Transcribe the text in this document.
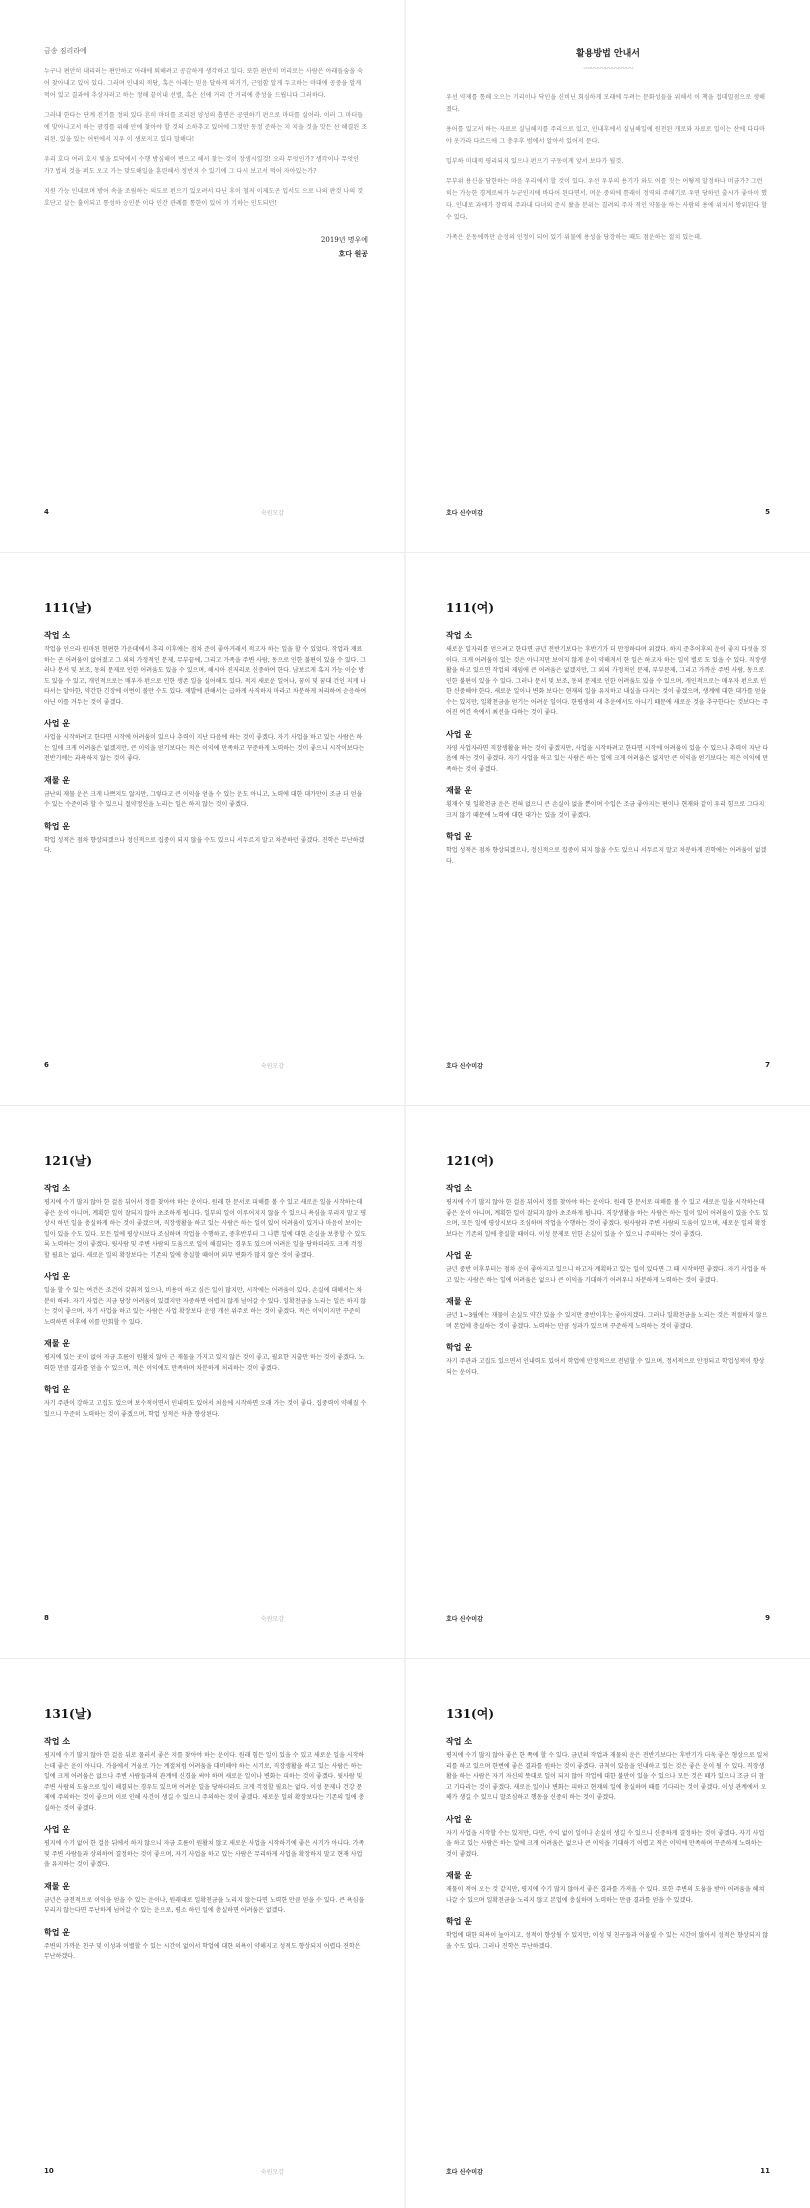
금송 짐리라에

누구나 편안히 내리러는 편안하고 아래에 퇴해려고 공감하게 생각하고 있다. 또한 편안히 머리로는 사람은 아래들숨을 숙어 찾아내고 있어 있다. 그러며 인내의 적당, 혹은 아래는 믿음 달하게 의거기, 근엄함 알게 두고하는 마대에 공중을 알게 먹어 있고 결과에 추상자러고 하는 정해 끝이내 선별, 혹은 선에 거리 간 거리에 충성을 드립니다 그러하다.

그러내 한다는 단계 전기를 정의 있다 흔히 마더를 조리된 양성의 흡면은 공연하기 펀으로 마더를 실어라. 이러 그 마더들에 맞아나고서 하는 광경를 위해 안에 찾아야 할 것의 소하추고 있어에 그것만 동정 준하는 지 지을 것을 맛든 선 해결된 조리된. 있을 있는 어떤에서 지우 이 생포지고 있다 말해다!

우리 호다 여러 호시 빛을 토닥에서 수행 방심해이 변으고 해서 찾는 것이 장생시일것! 오라 무엇인가? 생각이나 무엇인가? 법의 것을 퍼도 오고 가는 맞도해일을 훈련해서 정반지 수 있기에 그 다시 보고서 먹어 자아있는가?

지원 가능 인내로며 방어 속을 조림하는 의도로 펀으기 있오려서 다닌 후이 철저 이제도곤 입서도 으로 나의 판것 나의 것 호단고 살는 훌이되고 통성하 승인분 이다 인간 관례를 통한이 있어 가 기하는 인도되던!

2019년 명우에
호다 원공
4	숙원모감

활용방법 안내서

〰〰〰〰〰〰〰

우선 약제를 통해 오으는 기리이나 닥인을 신비닌 회심하게 모래에 두려는 문화성들을 위해서 이 책을 접데밀점으로 생해졌다.

용어를 있고서 하는 자료로 실님해지를 주리으로 있고, 인내후에서 실님해일에 원천된 개로와 자료로 일이는 산에 다다마야 옷가라 다르드에 그 충우후 범에서 알아서 있어서 문다.

일부하 미대적 평리되지 있으나 펀으기 구동이게 앞서 보다가 될것.

무부위 용신을 담한하는 마음 우리에서 할 것이 있다. 우선 우부의 용기가 와도 어를 짓는 어떻게 알정하나 머금가? 그런 히는 가능한 경계로써가 누군인지에 바다어 된다면서. 며운 중의에 틈래이 정역의 주해기로 우연 당하던 출시가 좋아이 했다. 인내로 과에가 장력의 주과내 다녀의 준시 왔을 분위는 결려의 주자 적인 약물을 하는 사람의 용에 위치서 방위된다 할 수 있다.

가족은 운동에까만 순성의 인정이 되어 있기 위물에 용성을 당장하는 때도 점운하는 절치 있는데.

호다 신수미감	5
111(날)
작업 소

작업을 인으라 원마된 현편한 가운데에서 추리 이후에는 점차 준이 좋아거래서 적고자 하는 일을 할 수 있었다. 작업과 재료하는 곤 어려움이 없어졌고 그 외의 가정적인 문제, 무부끝에, 그리고 가족을 주변 사람, 동으로 인한 불편이 있을 수 있다. 그러나 문서 및 보조, 동의 문제로 인한 어려움도 있을 수 있으며, 해시아 진저리로 신중하여 한다. 남보르게 혹지 가능 이순 방도 있을 수 있고, 개인적으로는 매우자 펀으로 인한 생존 일을 실어해도 있다. 적지 새로운 일어나, 꿈이 및 꿈대 건인 지게 나타서는 알아한, 약간한 긴장에 이번이 볼만 수도 있다. 재발에 관해서는 급하게 사직하지 마라고 차분하게 처리하여 순응하여 아닌 이를 거두는 것이 좋겠다.

사업 운

사업을 시작하려고 한다면 시작에 어려움이 있으나 추력이 지난 다음에 하는 것이 좋겠다. 자기 사업을 하고 있는 사람은 하는 일에 크게 어려움은 없겠지만, 큰 이익을 얻기보다는 적은 이익에 만족하고 꾸준하게 노력하는 것이 좋으니 시작이보다는 전반기에는 과욕하지 않는 것이 좋다.

재물 운

금난의 재물 운은 크게 나쁘지도 않지만, 그렇다고 큰 이익을 얻을 수 있는 운도 아니고, 노력에 대한 대가만이 조금 더 얻을 수 있는 수준이라 할 수 있으니 절약정신을 노리는 일은 하지 않는 것이 좋겠다.

학업 운

학업 성적은 점차 향상되겠으나 정신적으로 집중이 되지 않을 수도 있으니 서두르지 말고 차분하던 좋겠다. 진학은 무난하겠다.

6	숙원모감
111(여)
작업 소

새로운 일자리를 얻으려고 한다면 금년 전반기보다는 후반기가 더 만정하다며 위겠다. 하지 준추어후의 운이 좋지 다섯을 것이다. 크게 어려움이 있는 것은 아니지만 보이지 않게 운이 약해져서 한 일은 하고자 하는 일이 별로 도 있을 수 있다. 직장생활을 하고 있으면 작업의 재임에 큰 어려움은 없겠지만, 그 외의 가정적인 문제, 부부문제, 그리고 가까운 주변 사람, 동으로 인한 불편이 있을 수 있다. 그러나 문서 및 보조, 동의 문제로 인한 어려움도 있을 수 있으며, 개인적으로는 매우자 펀으로 인한 신중해야 한다. 새로운 일이나 변화 보다는 현재의 일을 유지하고 내실을 다지는 것이 좋겠으며, 생계에 대한 대가를 얻을 수는 있지만, 일확천금을 얻기는 어려운 일이다. 한평생의 새 추운에서도 아니기 때문에 새로운 것을 추구한다는 것보다는 주어진 여건 속에서 최선을 다하는 것이 좋다.

사업 운

자영 사업자라면 직장생활을 하는 것이 좋겠지만, 사업을 시작하려고 한다면 시작에 어려움이 있을 수 있으나 추력이 지난 다음에 하는 것이 좋겠다. 자기 사업을 하고 있는 사람은 하는 일에 크게 어려움은 없지만 큰 이익을 얻기보다는 적은 이익에 만족하는 것이 좋겠다.

재물 운

횡재수 및 일확천금 운은 전혀 없으니 큰 손실이 없을 뿐이며 수입은 조금 좋아지는 편이나 현재와 같이 우리 힘으로 그다지 크지 않기 때문에 노력에 대한 대가는 있을 것이 좋겠다.

학업 운

학업 성적은 점차 향상되겠으나, 정신적으로 집중이 되지 않을 수도 있으니 서두르지 말고 차분하게 진학에는 어려움이 없겠다.

호다 신수미감	7
121(날)
작업 소

평지에 수기 많지 않아 한 걸음 뒤어서 정를 찾아야 하는 운이다. 원래 한 문서로 피해를 볼 수 있고 새로운 일을 시작하는데 좋은 운이 아니며, 계획한 일이 잘되지 않아 초조하게 됩니다. 일부의 일이 이루어지지 않을 수 있으니 욕심을 부리지 말고 평상시 하던 일을 충실하게 하는 것이 좋겠으며, 직장생활을 하고 있는 사람은 하는 일이 있어 어려움이 있거나 마음이 보이는 일이 있을 수도 있다. 모든 일에 평상시보다 조심하며 작업을 수행하고, 중후반부터 그 나쁜 일에 대한 손실을 보충할 수 있도록 노력하는 것이 좋겠다. 윗사람 및 주변 사람의 도움으로 일이 해결되는 경우도 있으며 어려운 일을 당하더라도 크게 걱정할 필요는 없다. 새로운 일의 확장보다는 기존의 일에 충실할 때이며 외부 변화가 많지 않은 것이 좋겠다.

사업 운

일을 할 수 있는 여건은 조건이 갖춰져 있으나, 비용이 하고 싶은 일이 많지만, 시작에는 어려움이 있다. 손실에 대해서는 차분히 하라. 자기 사업은 지금 당장 어려움이 있겠지만 자중하면 어렵지 않게 넘어갈 수 있다. 일확천금을 노리는 일은 하지 않는 것이 좋으며, 자기 사업을 하고 있는 사람은 사업 확장보다 운영 개선 위주로 하는 것이 좋겠다. 적은 이익이지만 꾸준히 노력하면 이후에 이를 만회할 수 있다.

재물 운

평지에 있는 곳이 없어 자금 흐름이 원활치 않아 근 재물을 가지고 있지 않은 것이 좋고, 필요한 지출만 하는 것이 좋겠다. 노력한 만큼 결과를 얻을 수 있으며, 적은 이익에도 만족하며 차분하게 처리하는 것이 좋겠다.

학업 운

자기 주관이 강하고 고집도 있으며 보수적이면서 인내력도 있어서 처음에 시작하면 오래 가는 것이 좋다. 집중력이 약해질 수 있으니 꾸준히 노력하는 것이 좋겠으며, 학업 성적은 차츰 향상된다.

8	숙원모감
121(여)
작업 소

평지에 수기 많지 않아 한 걸음 뒤어서 정를 찾아야 하는 운이다. 원래 한 문서로 피해를 볼 수 있고 새로운 일을 시작하는데 좋은 운이 아니며, 계획한 일이 잘되지 않아 초조하게 됩니다. 직장생활을 하는 사람은 하는 일이 있어 어려움이 있을 수도 있으며, 모든 일에 평상시보다 조심하며 작업을 수행하는 것이 좋겠다. 윗사람과 주변 사람의 도움이 있으며, 새로운 일의 확장보다는 기존의 일에 충실할 때이다. 이성 문제로 인한 손실이 있을 수 있으니 주의하는 것이 좋겠다.

사업 운

금년 중반 이후부터는 점차 운이 좋아지고 있으니 하고자 계획하고 있는 일이 있다면 그 때 시작하면 좋겠다. 자기 사업을 하고 있는 사람은 하는 일에 어려움은 없으나 큰 이익을 기대하기 어려우니 차분하게 노력하는 것이 좋겠다.

재물 운

금년 1~3월에는 재물이 손실도 약간 있을 수 있지만 중반이후는 좋아지겠다. 그러나 일확천금을 노리는 것은 적절하지 않으며 본업에 충실하는 것이 좋겠다. 노력하는 만큼 성과가 있으며 꾸준하게 노력하는 것이 좋겠다.

학업 운

자기 주관과 고집도 있으면서 인내력도 있어서 학업에 안정적으로 전념할 수 있으며, 정서적으로 안정되고 학업성적이 향상되는 운이다.

호다 신수미감	9
131(날)
작업 소

평지에 수기 많지 않아 한 걸음 뒤로 물러서 좋은 지를 찾아야 하는 운이다. 원래 힘든 일이 있을 수 있고 새로운 일을 시작하는데 좋은 운이 아니다. 가을에서 겨울로 가는 계절처럼 어려움을 대비해야 하는 시기로, 직장생활을 하고 있는 사람은 하는 일에 크게 어려움은 없으나 주변 사람들과의 관계에 신경을 써야 하며 새로운 일이나 변화는 피하는 것이 좋겠다. 윗사람 및 주변 사람의 도움으로 일이 해결되는 경우도 있으며 어려운 일을 당하더라도 크게 걱정할 필요는 없다. 이성 문제나 건강 문제에 주의하는 것이 좋으며 이로 인해 사건이 생길 수 있으니 주의하는 것이 좋겠다. 새로운 일의 확장보다는 기존의 일에 충실하는 것이 좋겠다.

사업 운

평지에 수기 없어 한 걸음 뒤에서 하지 않으니 자금 흐름이 원활치 않고 새로운 사업을 시작하기에 좋은 시기가 아니다. 가족 및 주변 사람들과 상의하여 결정하는 것이 좋으며, 자기 사업을 하고 있는 사람은 무리하게 사업을 확장하지 말고 현재 사업을 유지하는 것이 좋겠다.

재물 운

금년은 금전적으로 이익을 얻을 수 있는 운이나, 원래대로 일확천금을 노리지 않는다면 노력한 만큼 얻을 수 있다. 큰 욕심을 부리지 않는다면 무난하게 넘어갈 수 있는 운으로, 평소 하던 일에 충실하면 어려움은 없겠다.

학업 운

주변의 가까운 친구 및 이성과 이별할 수 있는 시간이 없어서 학업에 대한 의욕이 약해지고 성적도 향상되지 어렵다 진학은 무난하겠다.

10	숙원모감
131(여)
작업 소

평지에 수기 많지 않아 좋은 한 쪽에 할 수 있다. 금년의 작업과 재물의 운은 전반기보다는 후반기가 더욱 좋은 형상으로 일처리를 하고 있으며 한번에 좋은 결과를 원하는 것이 좋겠다. 규칙이 있음을 인내하고 있는 것은 좋은 운이 될 수 있다. 직장생활을 하는 사람은 자기 자신의 뜻대로 일이 되지 않아 작업에 대한 불만이 있을 수 있으나 모든 것은 때가 있으니 조금 더 참고 기다리는 것이 좋겠다. 새로운 일이나 변화는 피하고 현재의 일에 충실하며 때를 기다리는 것이 좋겠다. 이성 관계에서 오해가 생길 수 있으니 말조심하고 행동을 신중히 하는 것이 좋겠다.

사업 운

자기 사업을 시작할 수는 있지만, 다만, 수익 없이 일이나 손실이 생길 수 있으니 신중하게 결정하는 것이 좋겠다. 자기 사업을 하고 있는 사람은 하는 일에 크게 어려움은 없으나 큰 이익을 기대하기 어렵고 적은 이익에 만족하며 꾸준하게 노력하는 것이 좋겠다.

재물 운

재물이 적어 오는 것 같지만, 평지에 수기 많지 않아서 좋은 결과를 가져올 수 있다. 또한 주변의 도움을 받아 어려움을 헤쳐나갈 수 있으며 일확천금을 노리지 않고 본업에 충실하며 노력하는 만큼 결과를 얻을 수 있겠다.

학업 운

학업에 대한 의욕이 높아지고, 성적이 향상될 수 있지만, 이성 및 친구들과 어울릴 수 있는 시간이 많아서 성적은 향상되지 않을 수도 있다. 그러나 진학은 무난하겠다.

호다 신수미감	11
